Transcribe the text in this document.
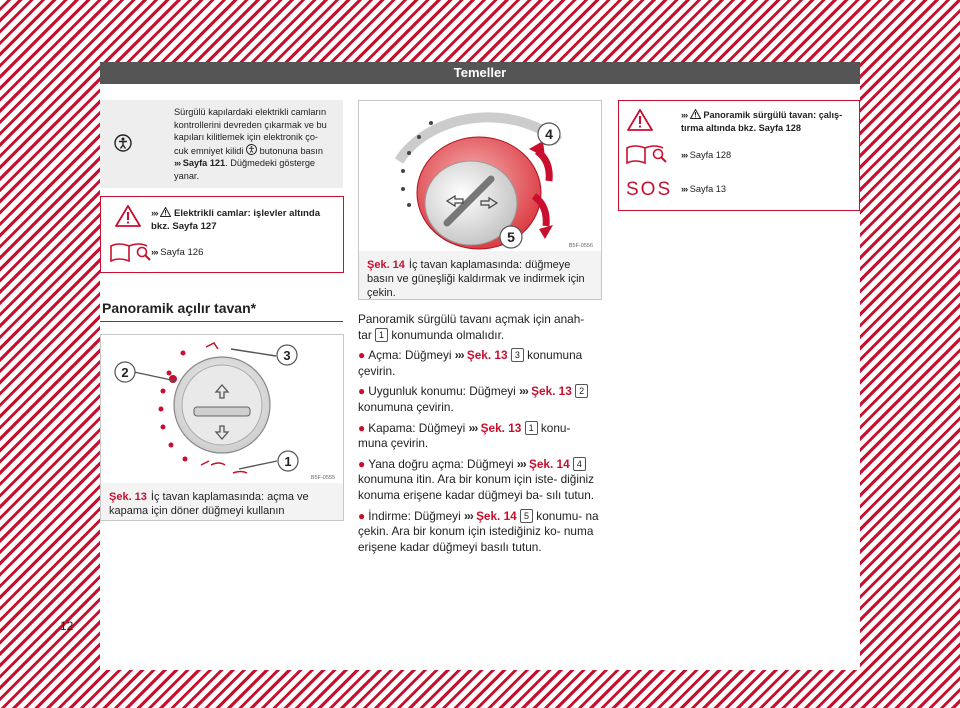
Temeller
Sürgülü kapılardaki elektrikli camların
kontrollerini devreden çıkarmak ve bu
kapıları kilitlemek için elektronik ço-
cuk emniyet kilidi butonuna basın
››› Sayfa 121. Düğmedeki gösterge
yanar.
››› Elektrikli camlar: işlevler altında
bkz. Sayfa 127
››› Sayfa 126
Panoramik açılır tavan*
2
3
1
B5F-0555
Şek. 13 İç tavan kaplamasında: açma ve kapama için döner düğmeyi kullanın
4
5
B5F-0556
Şek. 14 İç tavan kaplamasında: düğmeye basın ve güneşliği kaldırmak ve indirmek için çekin.

Panoramik sürgülü tavanı açmak için anah-
tar 1 konumunda olmalıdır.

● Açma: Düğmeyi ››› Şek. 13 3 konumuna çevirin.

● Uygunluk konumu: Düğmeyi ››› Şek. 13 2 konumuna çevirin.

● Kapama: Düğmeyi ››› Şek. 13 1 konu- muna çevirin.

● Yana doğru açma: Düğmeyi ››› Şek. 14 4 konumuna itin. Ara bir konum için iste- diğiniz konuma erişene kadar düğmeyi ba- sılı tutun.

● İndirme: Düğmeyi ››› Şek. 14 5 konumu- na çekin. Ara bir konum için istediğiniz ko- numa erişene kadar düğmeyi basılı tutun.

››› Panoramik sürgülü tavan: çalış-
tırma altında bkz. Sayfa 128
››› Sayfa 128
SOS ››› Sayfa 13
12
